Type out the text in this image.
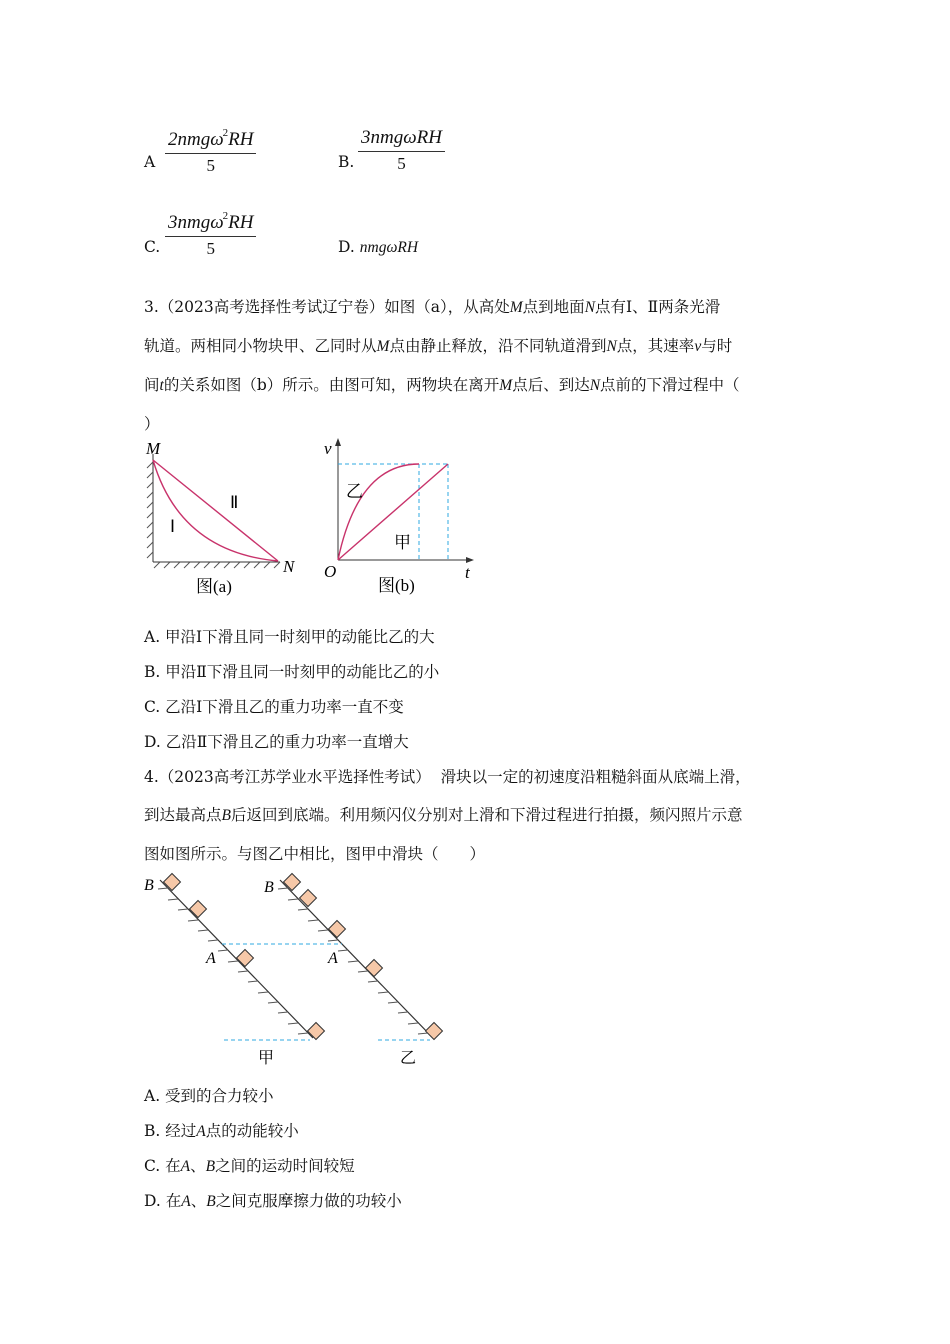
A
2nmgω$^2$RH
5	B.
3nmgωRH
5
C.
3nmgω$^2$RH
5	D. nmgωRH
3.（2023高考选择性考试辽宁卷）如图（a），从高处M点到地面N点有Ⅰ、Ⅱ两条光滑
轨道。两相同小物块甲、乙同时从M点由静止释放，沿不同轨道滑到N点，其速率v与时
间t的关系如图（b）所示。由图可知，两物块在离开M点后、到达N点前的下滑过程中（
）
M
N
Ⅰ
Ⅱ
图(a)
v
t
O
乙
甲
图(b)
A. 甲沿Ⅰ下滑且同一时刻甲的动能比乙的大
B. 甲沿Ⅱ下滑且同一时刻甲的动能比乙的小
C. 乙沿Ⅰ下滑且乙的重力功率一直不变
D. 乙沿Ⅱ下滑且乙的重力功率一直增大
4.（2023高考江苏学业水平选择性考试） 滑块以一定的初速度沿粗糙斜面从底端上滑，
到达最高点B后返回到底端。利用频闪仪分别对上滑和下滑过程进行拍摄，频闪照片示意
图如图所示。与图乙中相比，图甲中滑块（　　）
B	B
A	A
甲	乙
A. 受到的合力较小
B. 经过A点的动能较小
C. 在A、B之间的运动时间较短
D. 在A、B之间克服摩擦力做的功较小
